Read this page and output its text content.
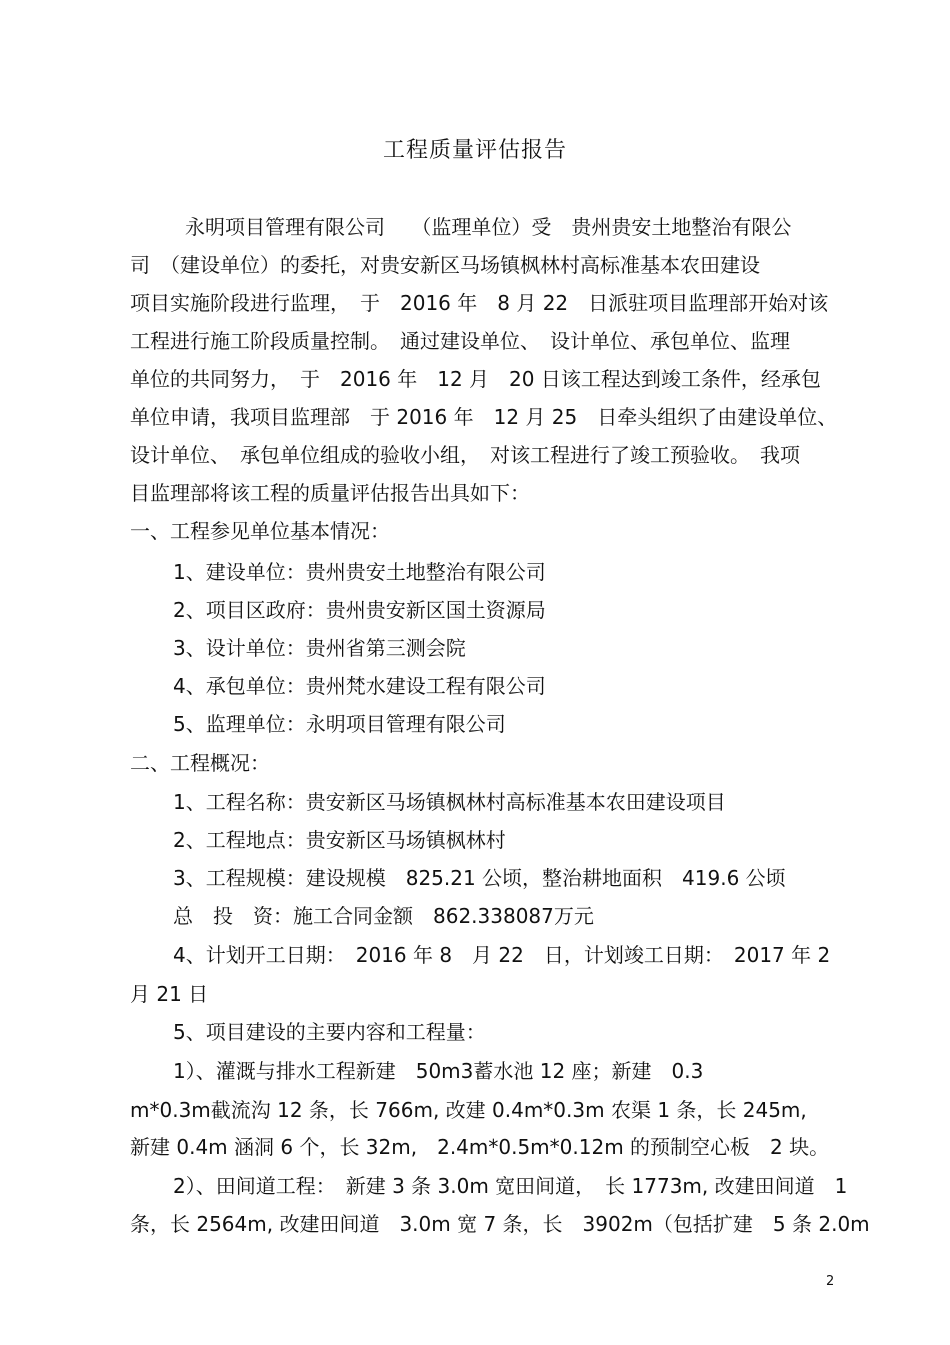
工程质量评估报告
永明项目管理有限公司　 （监理单位）受　贵州贵安土地整治有限公
司　（建设单位）的委托，对贵安新区马场镇枫林村高标准基本农田建设
项目实施阶段进行监理，　于　2016 年　8 月 22　日派驻项目监理部开始对该
工程进行施工阶段质量控制。　通过建设单位、　设计单位、承包单位、监理
单位的共同努力，　于　2016 年　12 月　20 日该工程达到竣工条件，经承包
单位申请，我项目监理部　于 2016 年　12 月 25　日牵头组织了由建设单位、
设计单位、　承包单位组成的验收小组，　对该工程进行了竣工预验收。　我项
目监理部将该工程的质量评估报告出具如下：
一、工程参见单位基本情况：
1、建设单位：贵州贵安土地整治有限公司
2、项目区政府：贵州贵安新区国土资源局
3、设计单位：贵州省第三测会院
4、承包单位：贵州梵水建设工程有限公司
5、监理单位：永明项目管理有限公司
二、工程概况：
1、工程名称：贵安新区马场镇枫林村高标准基本农田建设项目
2、工程地点：贵安新区马场镇枫林村
3、工程规模：建设规模　825.21 公顷，整治耕地面积　419.6 公顷
总　投　资：施工合同金额　862.338087万元
4、计划开工日期：　2016 年 8　月 22　日，计划竣工日期：　2017 年 2
月 21 日
5、项目建设的主要内容和工程量：
1）、灌溉与排水工程新建　50m3蓄水池 12 座；新建　0.3
m*0.3m截流沟 12 条，长 766m, 改建 0.4m*0.3m 农渠 1 条，长 245m,
新建 0.4m 涵洞 6 个，长 32m,　2.4m*0.5m*0.12m 的预制空心板　2 块。
2）、田间道工程：　新建 3 条 3.0m 宽田间道，　长 1773m, 改建田间道　1
条，长 2564m, 改建田间道　3.0m 宽 7 条，长　3902m（包括扩建　5 条 2.0m
2
